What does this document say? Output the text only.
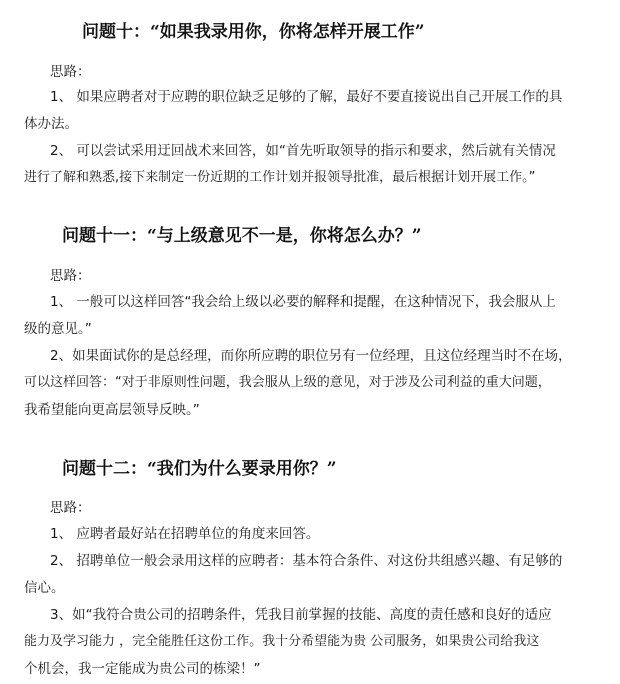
问题十：“如果我录用你，你将怎样开展工作”
思路：
1、 如果应聘者对于应聘的职位缺乏足够的了解，最好不要直接说出自己开展工作的具
体办法。
2、 可以尝试采用迂回战术来回答，如“首先听取领导的指示和要求，然后就有关情况
进行了解和熟悉,接下来制定一份近期的工作计划并报领导批准，最后根据计划开展工作。”
问题十一：“与上级意见不一是，你将怎么办？”
思路：
1、 一般可以这样回答“我会给上级以必要的解释和提醒，在这种情况下，我会服从上
级的意见。”
2、如果面试你的是总经理，而你所应聘的职位另有一位经理，且这位经理当时不在场，
可以这样回答：“对于非原则性问题，我会服从上级的意见，对于涉及公司利益的重大问题，
我希望能向更高层领导反映。”
问题十二：“我们为什么要录用你？”
思路：
1、 应聘者最好站在招聘单位的角度来回答。
2、 招聘单位一般会录用这样的应聘者：基本符合条件、对这份共组感兴趣、有足够的
信心。
3、如“我符合贵公司的招聘条件，凭我目前掌握的技能、高度的责任感和良好的适应
能力及学习能力 ，完全能胜任这份工作。我十分希望能为贵 公司服务，如果贵公司给我这
个机会，我一定能成为贵公司的栋梁！”
